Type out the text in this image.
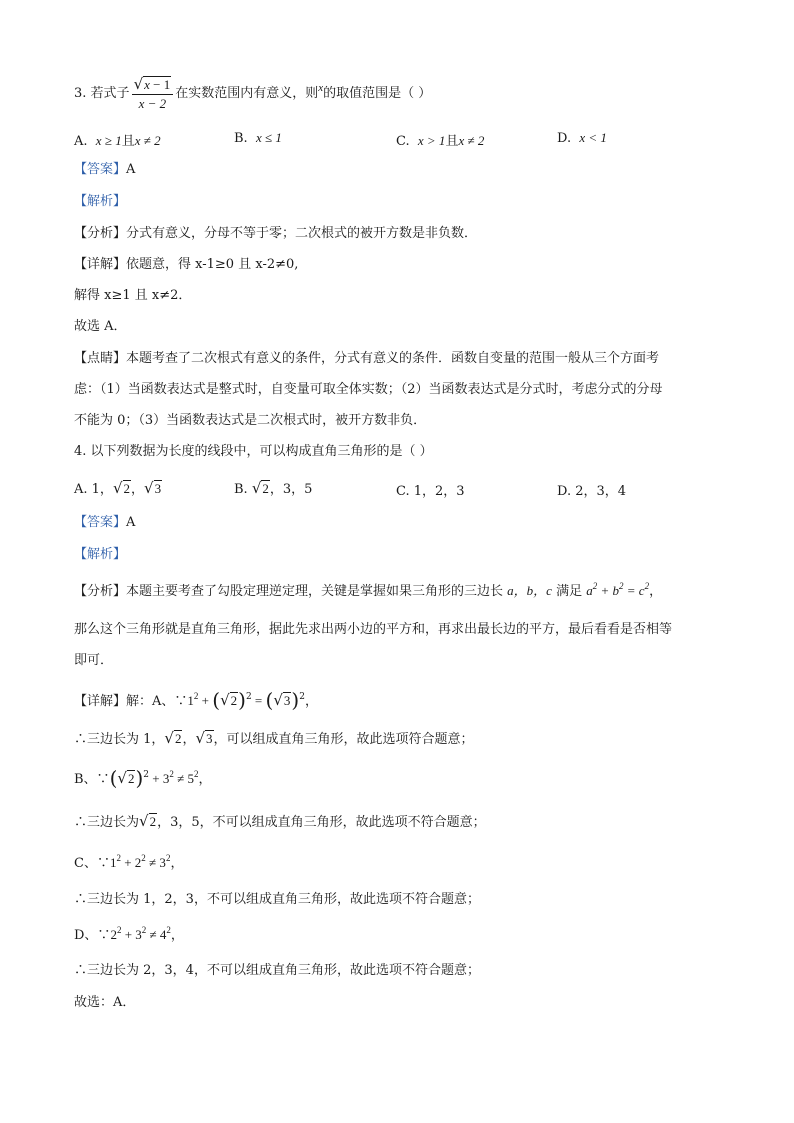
3. 若式子 $\frac{√x - 1}{x - 2}$ 在实数范围内有意义，则$^x$的取值范围是（ ）
A. x ≥ 1且x ≠ 2	B. x ≤ 1	C. x > 1且x ≠ 2	D. x < 1
【答案】A
【解析】
【分析】分式有意义，分母不等于零；二次根式的被开方数是非负数．
【详解】依题意，得 x-1≥0 且 x-2≠0,
解得 x≥1 且 x≠2．
故选 A．
【点睛】本题考查了二次根式有意义的条件，分式有意义的条件．函数自变量的范围一般从三个方面考
虑：（1）当函数表达式是整式时，自变量可取全体实数；（2）当函数表达式是分式时，考虑分式的分母
不能为 0；（3）当函数表达式是二次根式时，被开方数非负．
4. 以下列数据为长度的线段中，可以构成直角三角形的是（ ）
A. 1，√2，√3	B. √2，3，5	C. 1，2，3	D. 2，3，4
【答案】A
【解析】
【分析】本题主要考查了勾股定理逆定理，关键是掌握如果三角形的三边长 a，b，c 满足 $a^2 + b^2 = c^2$，
那么这个三角形就是直角三角形，据此先求出两小边的平方和，再求出最长边的平方，最后看看是否相等
即可．
【详解】解：A、$\because 1^2 + (√2)^2 = (√3)^2$，
∴三边长为 1，√2，√3，可以组成直角三角形，故此选项符合题意；
B、$\because(√2)^2 + 3^2 \ne 5^2$，
∴三边长为√2，3，5，不可以组成直角三角形，故此选项不符合题意；
C、$\because 1^2 + 2^2 \ne 3^2$，
∴三边长为 1，2，3，不可以组成直角三角形，故此选项不符合题意；
D、$\because 2^2 + 3^2 \ne 4^2$，
∴三边长为 2，3，4，不可以组成直角三角形，故此选项不符合题意；
故选：A．
